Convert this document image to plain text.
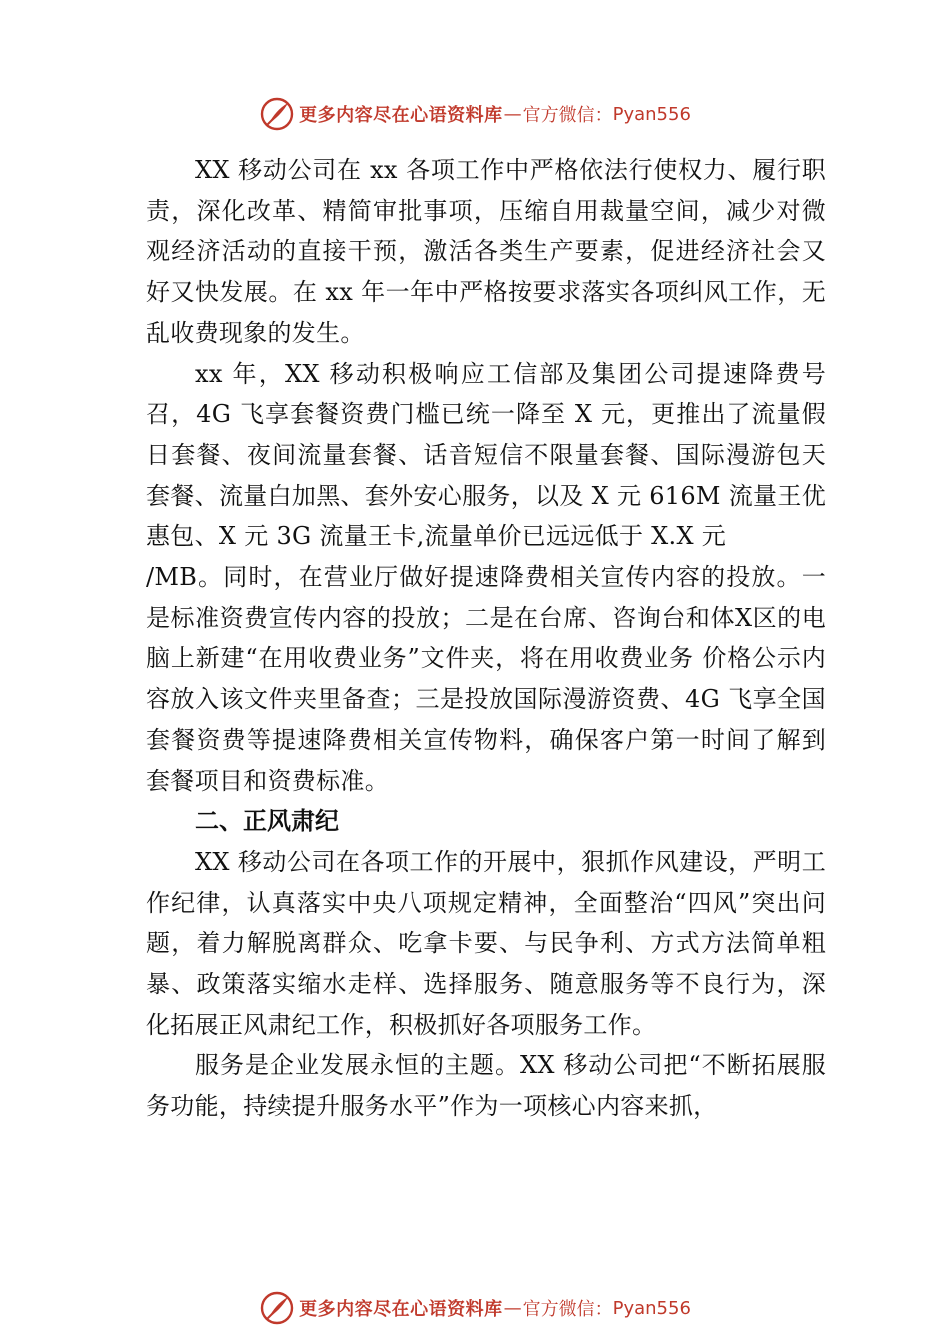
更多内容尽在心语资料库 — 官方微信： Pyan556

XX 移动公司在 xx 各项工作中严格依法行使权力、履行职责，深化改革、精简审批事项，压缩自用裁量空间，减少对微观经济活动的直接干预，激活各类生产要素，促进经济社会又好又快发展。在 xx 年一年中严格按要求落实各项纠风工作，无乱收费现象的发生。

xx 年，XX 移动积极响应工信部及集团公司提速降费号召，4G 飞享套餐资费门槛已统一降至 X 元，更推出了流量假日套餐、夜间流量套餐、话音短信不限量套餐、国际漫游包天套餐、流量白加黑、套外安心服务，以及 X 元 616M 流量王优惠包、X 元 3G 流量王卡,流量单价已远远低于 X.X 元

/MB。同时，在营业厅做好提速降费相关宣传内容的投放。一是标准资费宣传内容的投放；二是在台席、咨询台和体Ⅹ区的电脑上新建“在用收费业务”文件夹，将在用收费业务 价格公示内容放入该文件夹里备查；三是投放国际漫游资费、4G 飞享全国套餐资费等提速降费相关宣传物料，确保客户第一时间了解到套餐项目和资费标准。

二、正风肃纪

XX 移动公司在各项工作的开展中，狠抓作风建设，严明工作纪律，认真落实中央八项规定精神，全面整治“四风”突出问题，着力解脱离群众、吃拿卡要、与民争利、方式方法简单粗暴、政策落实缩水走样、选择服务、随意服务等不良行为，深化拓展正风肃纪工作，积极抓好各项服务工作。

服务是企业发展永恒的主题。XX 移动公司把“不断拓展服务功能，持续提升服务水平”作为一项核心内容来抓，

更多内容尽在心语资料库 — 官方微信： Pyan556
